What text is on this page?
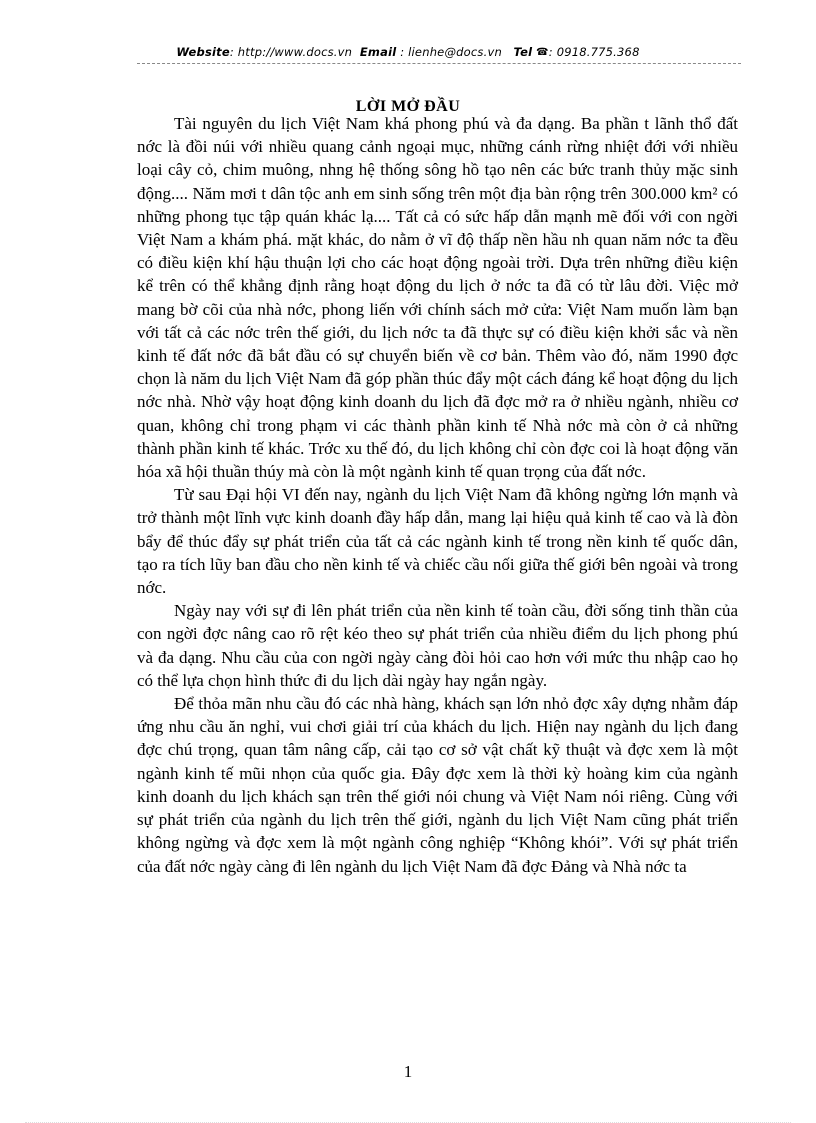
Website: http://www.docs.vn Email : lienhe@docs.vn Tel ☎: 0918.775.368
LỜI MỞ ĐẦU

Tài nguyên du lịch Việt Nam khá phong phú và đa dạng. Ba phần t lãnh thổ đất nớc là đồi núi với nhiều quang cảnh ngoại mục, những cánh rừng nhiệt đới với nhiều loại cây cỏ, chim muông, nhng hệ thống sông hồ tạo nên các bức tranh thủy mặc sinh động.... Năm mơi t dân tộc anh em sinh sống trên một địa bàn rộng trên 300.000 km² có những phong tục tập quán khác lạ.... Tất cả có sức hấp dẫn mạnh mẽ đối với con ngời Việt Nam a khám phá. mặt khác, do nằm ở vĩ độ thấp nền hầu nh quan năm nớc ta đều có điều kiện khí hậu thuận lợi cho các hoạt động ngoài trời. Dựa trên những điều kiện kể trên có thể khẳng định rằng hoạt động du lịch ở nớc ta đã có từ lâu đời. Việc mở mang bờ cõi của nhà nớc, phong liến với chính sách mở cửa: Việt Nam muốn làm bạn với tất cả các nớc trên thế giới, du lịch nớc ta đã thực sự có điều kiện khởi sắc và nền kinh tế đất nớc đã bắt đầu có sự chuyển biến về cơ bản. Thêm vào đó, năm 1990 đợc chọn là năm du lịch Việt Nam đã góp phần thúc đẩy một cách đáng kể hoạt động du lịch nớc nhà. Nhờ vậy hoạt động kinh doanh du lịch đã đợc mở ra ở nhiều ngành, nhiều cơ quan, không chỉ trong phạm vi các thành phần kinh tế Nhà nớc mà còn ở cả những thành phần kinh tế khác. Trớc xu thế đó, du lịch không chỉ còn đợc coi là hoạt động văn hóa xã hội thuần thúy mà còn là một ngành kinh tế quan trọng của đất nớc.

Từ sau Đại hội VI đến nay, ngành du lịch Việt Nam đã không ngừng lớn mạnh và trở thành một lĩnh vực kinh doanh đầy hấp dẫn, mang lại hiệu quả kinh tế cao và là đòn bẩy để thúc đẩy sự phát triển của tất cả các ngành kinh tế trong nền kinh tế quốc dân, tạo ra tích lũy ban đầu cho nền kinh tế và chiếc cầu nối giữa thế giới bên ngoài và trong nớc.

Ngày nay với sự đi lên phát triển của nền kinh tế toàn cầu, đời sống tinh thần của con ngời đợc nâng cao rõ rệt kéo theo sự phát triển của nhiều điểm du lịch phong phú và đa dạng. Nhu cầu của con ngời ngày càng đòi hỏi cao hơn với mức thu nhập cao họ có thể lựa chọn hình thức đi du lịch dài ngày hay ngắn ngày.

Để thỏa mãn nhu cầu đó các nhà hàng, khách sạn lớn nhỏ đợc xây dựng nhằm đáp ứng nhu cầu ăn nghỉ, vui chơi giải trí của khách du lịch. Hiện nay ngành du lịch đang đợc chú trọng, quan tâm nâng cấp, cải tạo cơ sở vật chất kỹ thuật và đợc xem là một ngành kinh tế mũi nhọn của quốc gia. Đây đợc xem là thời kỳ hoàng kim của ngành kinh doanh du lịch khách sạn trên thế giới nói chung và Việt Nam nói riêng. Cùng với sự phát triển của ngành du lịch trên thế giới, ngành du lịch Việt Nam cũng phát triển không ngừng và đợc xem là một ngành công nghiệp “Không khói”. Với sự phát triển của đất nớc ngày càng đi lên ngành du lịch Việt Nam đã đợc Đảng và Nhà nớc ta

1
